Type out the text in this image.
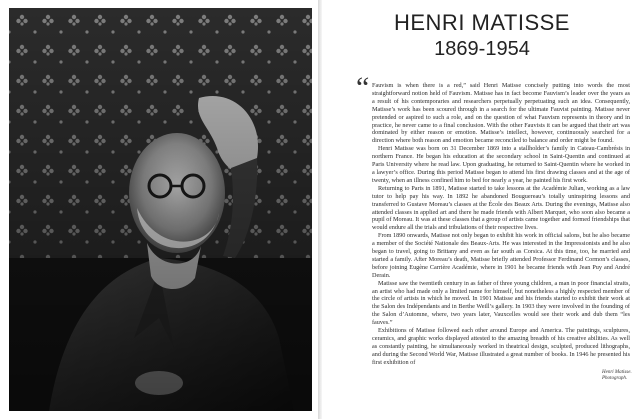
HENRI MATISSE
1869-1954
“ Fauvism is when there is a red,” said Henri Matisse concisely putting into words the most straightforward notion held of Fauvism. Matisse has in fact become Fauvism’s leader over the years as a result of his contemporaries and researchers perpetually perpetuating such an idea. Consequently, Matisse’s work has been scoured through in a search for the ultimate Fauvist painting. Matisse never pretended or aspired to such a role, and on the question of what Fauvism represents in theory and in practice, he never came to a final conclusion. With the other Fauvists it can be argued that their art was dominated by either reason or emotion. Matisse’s intellect, however, continuously searched for a direction where both reason and emotion became reconciled to balance and order might be found.

Henri Matisse was born on 31 December 1869 into a stallholder’s family in Cateau-Cambrésis in northern France. He began his education at the secondary school in Saint-Quentin and continued at Paris University where he read law. Upon graduating, he returned to Saint-Quentin where he worked in a lawyer’s office. During this period Matisse began to attend his first drawing classes and at the age of twenty, when an illness confined him to bed for nearly a year, he painted his first work.

Returning to Paris in 1891, Matisse started to take lessons at the Académie Julian, working as a law tutor to help pay his way. In 1892 he abandoned Bouguereau’s totally uninspiring lessons and transferred to Gustave Moreau’s classes at the École des Beaux Arts. During the evenings, Matisse also attended classes in applied art and there he made friends with Albert Marquet, who soon also became a pupil of Moreau. It was at these classes that a group of artists came together and formed friendships that would endure all the trials and tribulations of their respective lives.

From 1890 onwards, Matisse not only began to exhibit his work in official salons, but he also became a member of the Société Nationale des Beaux-Arts. He was interested in the Impressionists and he also began to travel, going to Brittany and even as far south as Corsica. At this time, too, he married and started a family. After Moreau’s death, Matisse briefly attended Professor Ferdinand Cormon’s classes, before joining Eugène Carrière Académie, where in 1901 he became friends with Jean Puy and André Derain.

Matisse saw the twentieth century in as father of three young children, a man in poor financial straits, an artist who had made only a limited name for himself, but nonetheless a highly respected member of the circle of artists in which he moved. In 1901 Matisse and his friends started to exhibit their work at the Salon des Indépendants and in Berthe Weill’s gallery. In 1903 they were involved in the founding of the Salon d’Automne, where, two years later, Vauxcelles would see their work and dub them “les fauves.”

Exhibitions of Matisse followed each other around Europe and America. The paintings, sculptures, ceramics, and graphic works displayed attested to the amazing breadth of his creative abilities. As well as constantly painting, he simultaneously worked in theatrical design, sculpted, produced lithographs, and during the Second World War, Matisse illustrated a great number of books. In 1946 he presented his first exhibition of

Henri Matisse.
Photograph.
